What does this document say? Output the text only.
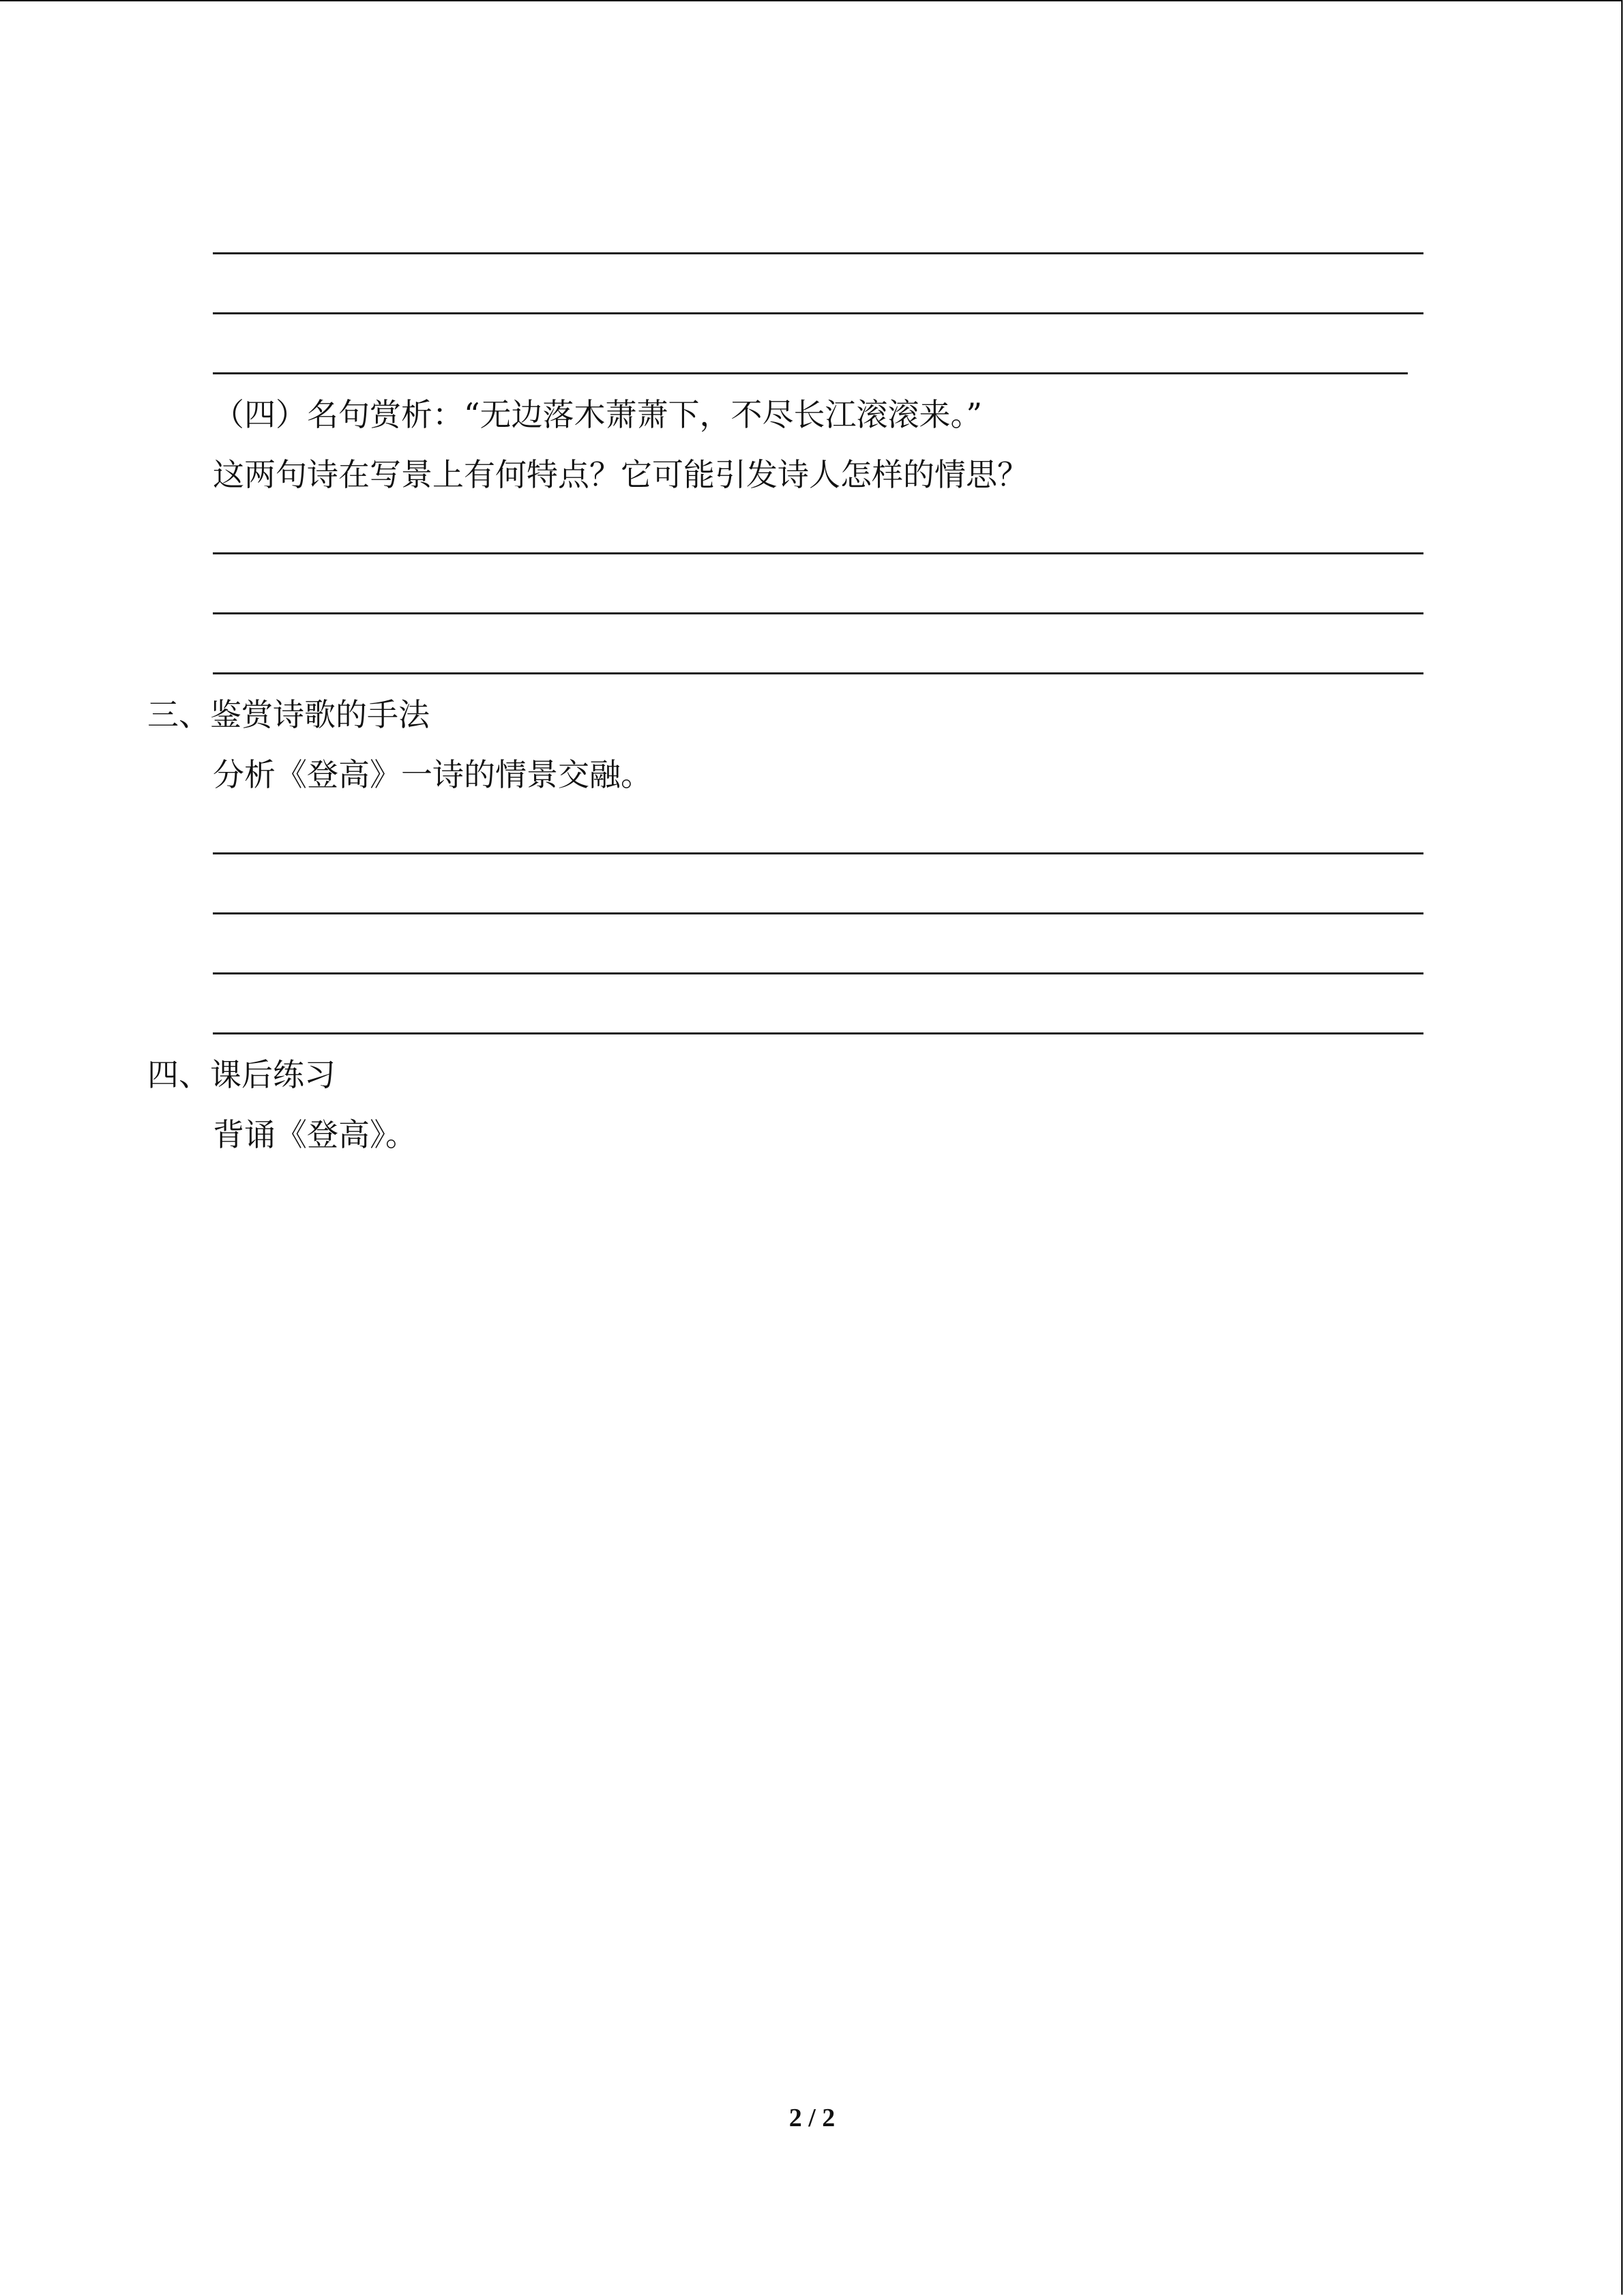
（四）名句赏析：“无边落木萧萧下，不尽长江滚滚来。”
这两句诗在写景上有何特点？它可能引发诗人怎样的情思？
三、鉴赏诗歌的手法
分析《登高》一诗的情景交融。
四、课后练习
背诵《登高》。
2 / 2
